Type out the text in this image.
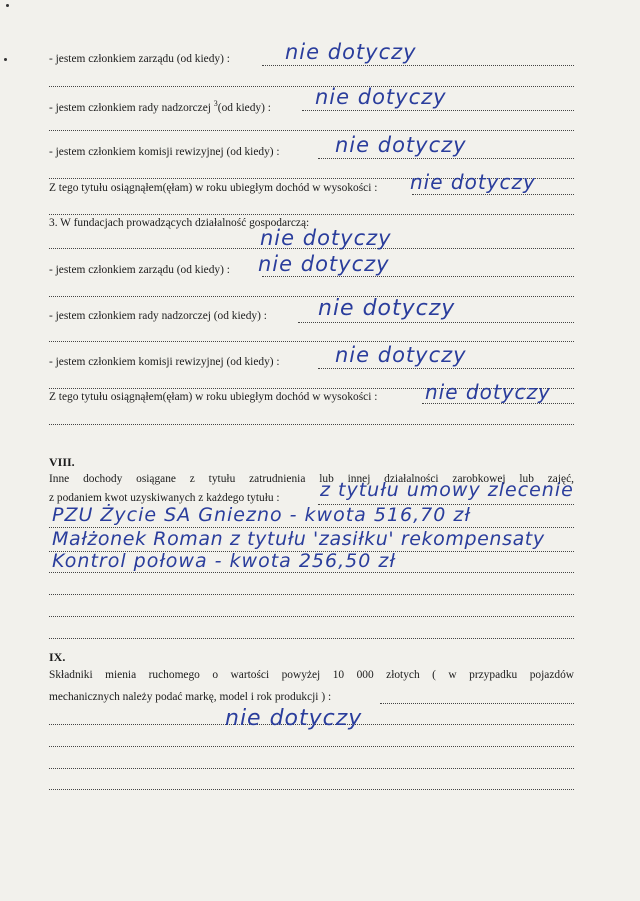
- jestem członkiem zarządu (od kiedy) :	nie dotyczy
- jestem członkiem rady nadzorczej $^3$(od kiedy) :	nie dotyczy
- jestem członkiem komisji rewizyjnej (od kiedy) :	nie dotyczy
Z tego tytułu osiągnąłem(ęłam) w roku ubiegłym dochód w wysokości :	nie dotyczy
3. W fundacjach prowadzących działalność gospodarczą:
nie dotyczy
- jestem członkiem zarządu (od kiedy) :	nie dotyczy
- jestem członkiem rady nadzorczej (od kiedy) :	nie dotyczy
- jestem członkiem komisji rewizyjnej (od kiedy) :	nie dotyczy
Z tego tytułu osiągnąłem(ęłam) w roku ubiegłym dochód w wysokości :	nie dotyczy
VIII.
Inne dochody osiągane z tytułu zatrudnienia lub innej działalności zarobkowej lub zajęć,
z podaniem kwot uzyskiwanych z każdego tytułu :	z tytułu umowy zlecenie
PZU Życie SA Gniezno - kwota 516,70 zł
Małżonek Roman z tytułu 'zasiłku' rekompensaty
Kontrol połowa - kwota 256,50 zł
IX.
Składniki mienia ruchomego o wartości powyżej 10 000 złotych ( w przypadku pojazdów
mechanicznych należy podać markę, model i rok produkcji ) :
nie dotyczy
